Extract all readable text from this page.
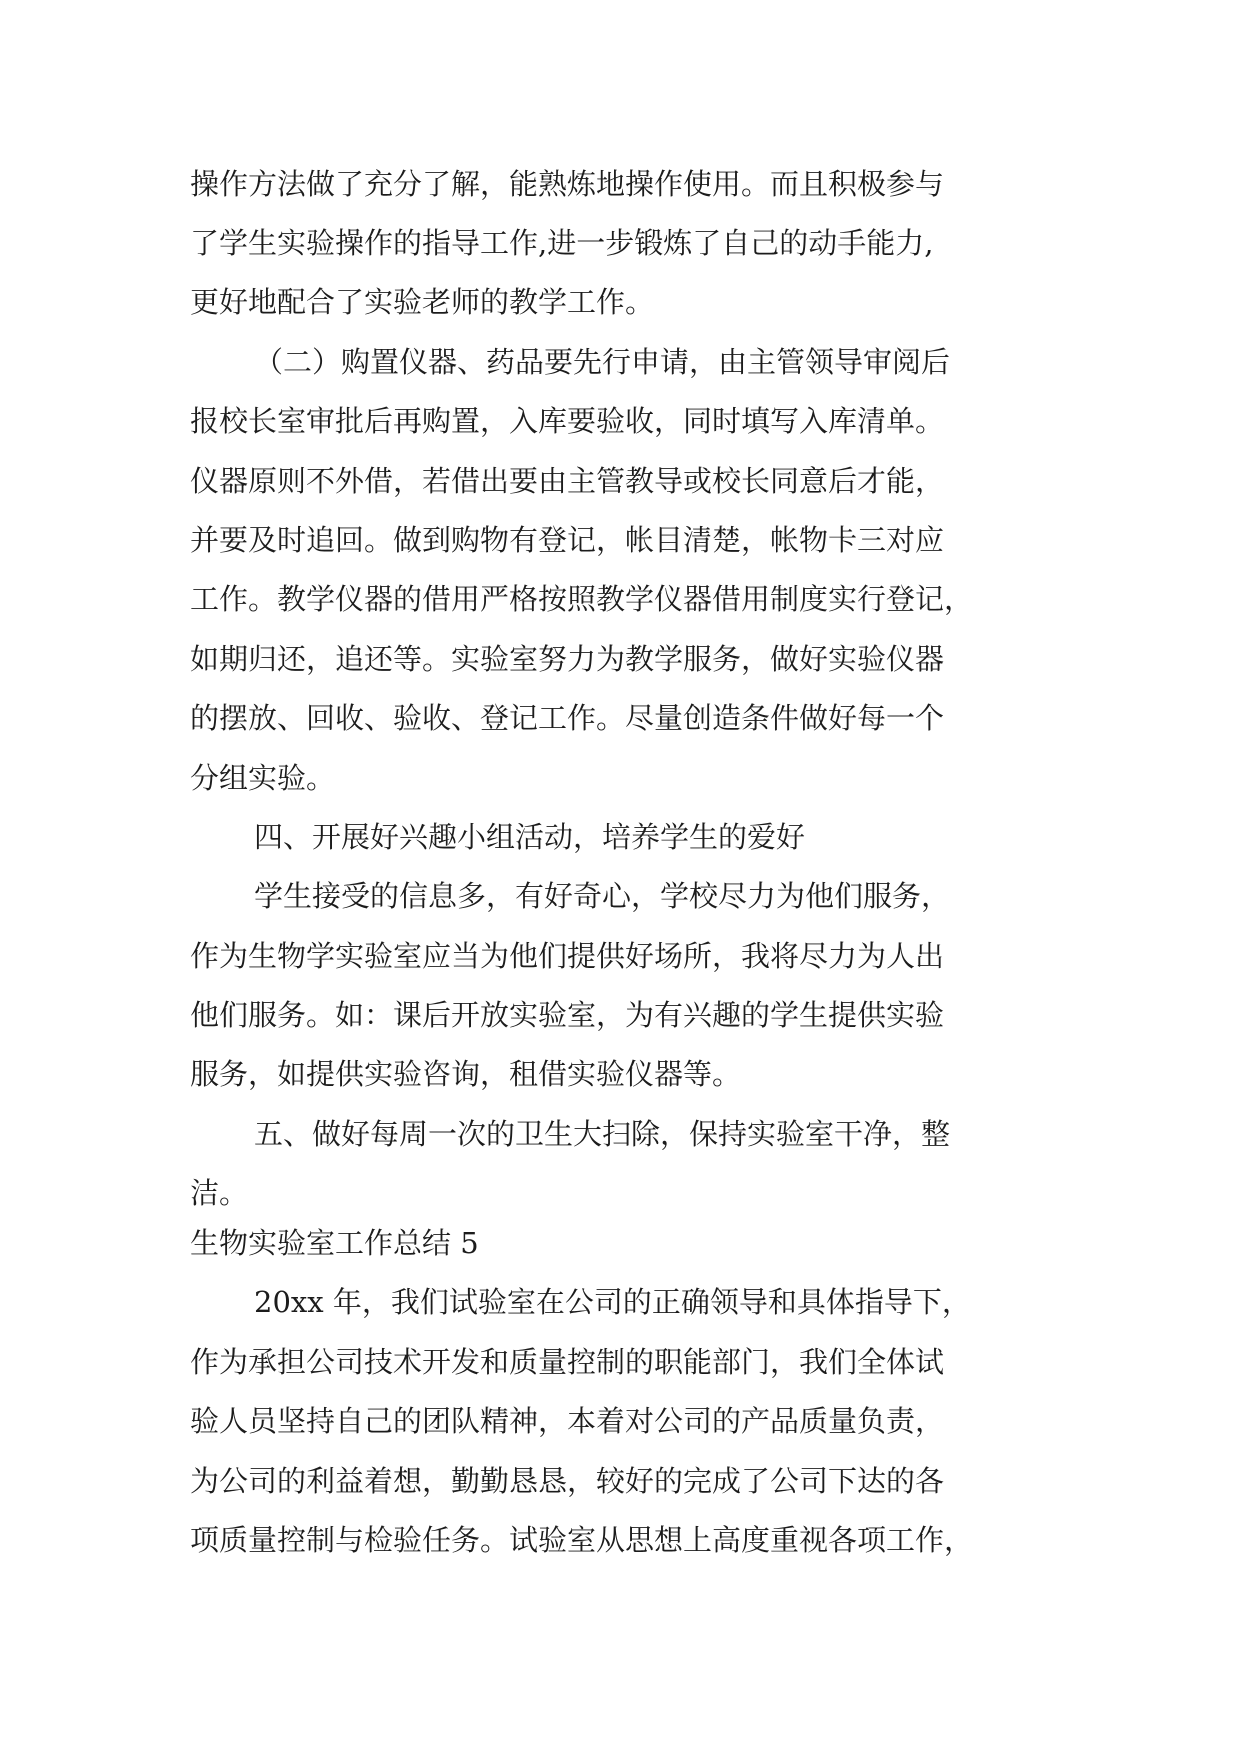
操作方法做了充分了解，能熟炼地操作使用。而且积极参与
了学生实验操作的指导工作,进一步锻炼了自己的动手能力,
更好地配合了实验老师的教学工作。
（二）购置仪器、药品要先行申请，由主管领导审阅后
报校长室审批后再购置，入库要验收，同时填写入库清单。
仪器原则不外借，若借出要由主管教导或校长同意后才能，
并要及时追回。做到购物有登记，帐目清楚，帐物卡三对应
工作。教学仪器的借用严格按照教学仪器借用制度实行登记，
如期归还，追还等。实验室努力为教学服务，做好实验仪器
的摆放、回收、验收、登记工作。尽量创造条件做好每一个
分组实验。
四、开展好兴趣小组活动，培养学生的爱好
学生接受的信息多，有好奇心，学校尽力为他们服务，
作为生物学实验室应当为他们提供好场所，我将尽力为人出
他们服务。如：课后开放实验室，为有兴趣的学生提供实验
服务，如提供实验咨询，租借实验仪器等。
五、做好每周一次的卫生大扫除，保持实验室干净，整
洁。
生物实验室工作总结 5
20xx 年，我们试验室在公司的正确领导和具体指导下，
作为承担公司技术开发和质量控制的职能部门，我们全体试
验人员坚持自己的团队精神，本着对公司的产品质量负责，
为公司的利益着想，勤勤恳恳，较好的完成了公司下达的各
项质量控制与检验任务。试验室从思想上高度重视各项工作，
